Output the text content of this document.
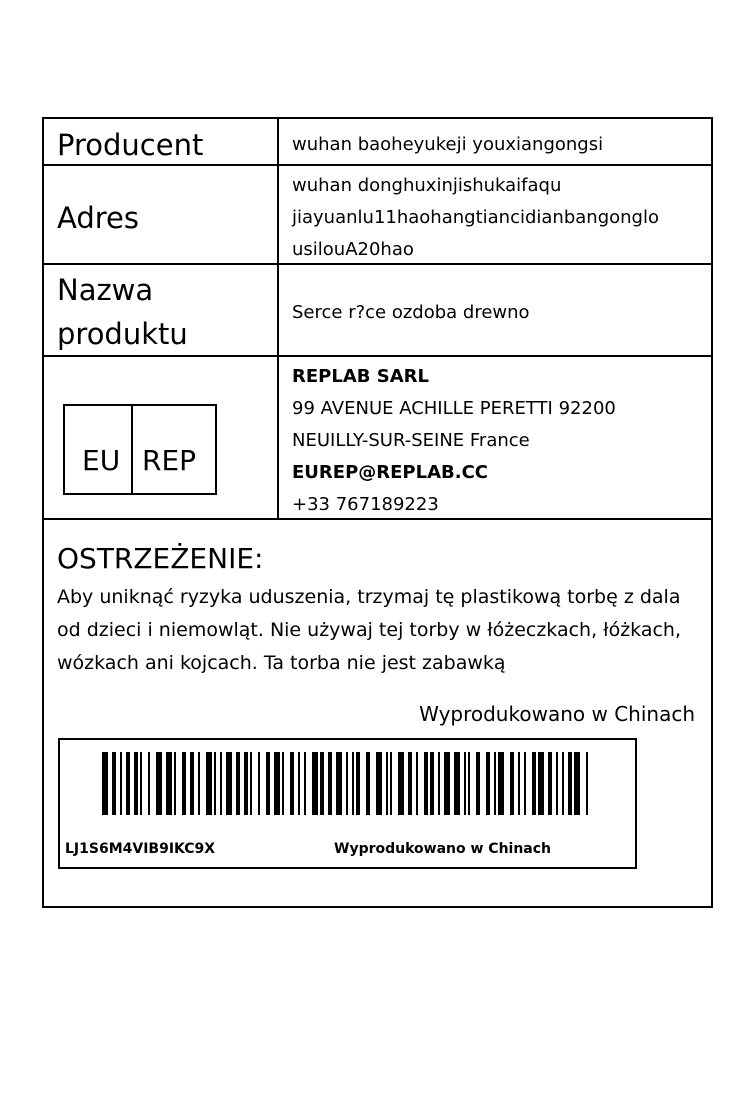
Producent	wuhan baoheyukeji youxiangongsi
Adres
wuhan donghuxinjishukaifaqu
jiayuanlu11haohangtiancidianbangonglo
usilouA20hao
Nazwa
produktu
Serce r?ce ozdoba drewno
EU REP
REPLAB SARL
99 AVENUE ACHILLE PERETTI 92200
NEUILLY-SUR-SEINE France
EUREP@REPLAB.CC
+33 767189223
OSTRZEŻENIE:
Aby uniknąć ryzyka uduszenia, trzymaj tę plastikową torbę z dala od dzieci i niemowląt. Nie używaj tej torby w łóżeczkach, łóżkach, wózkach ani kojcach. Ta torba nie jest zabawką
Wyprodukowano w Chinach
LJ1S6M4VIB9IKC9X	Wyprodukowano w Chinach
